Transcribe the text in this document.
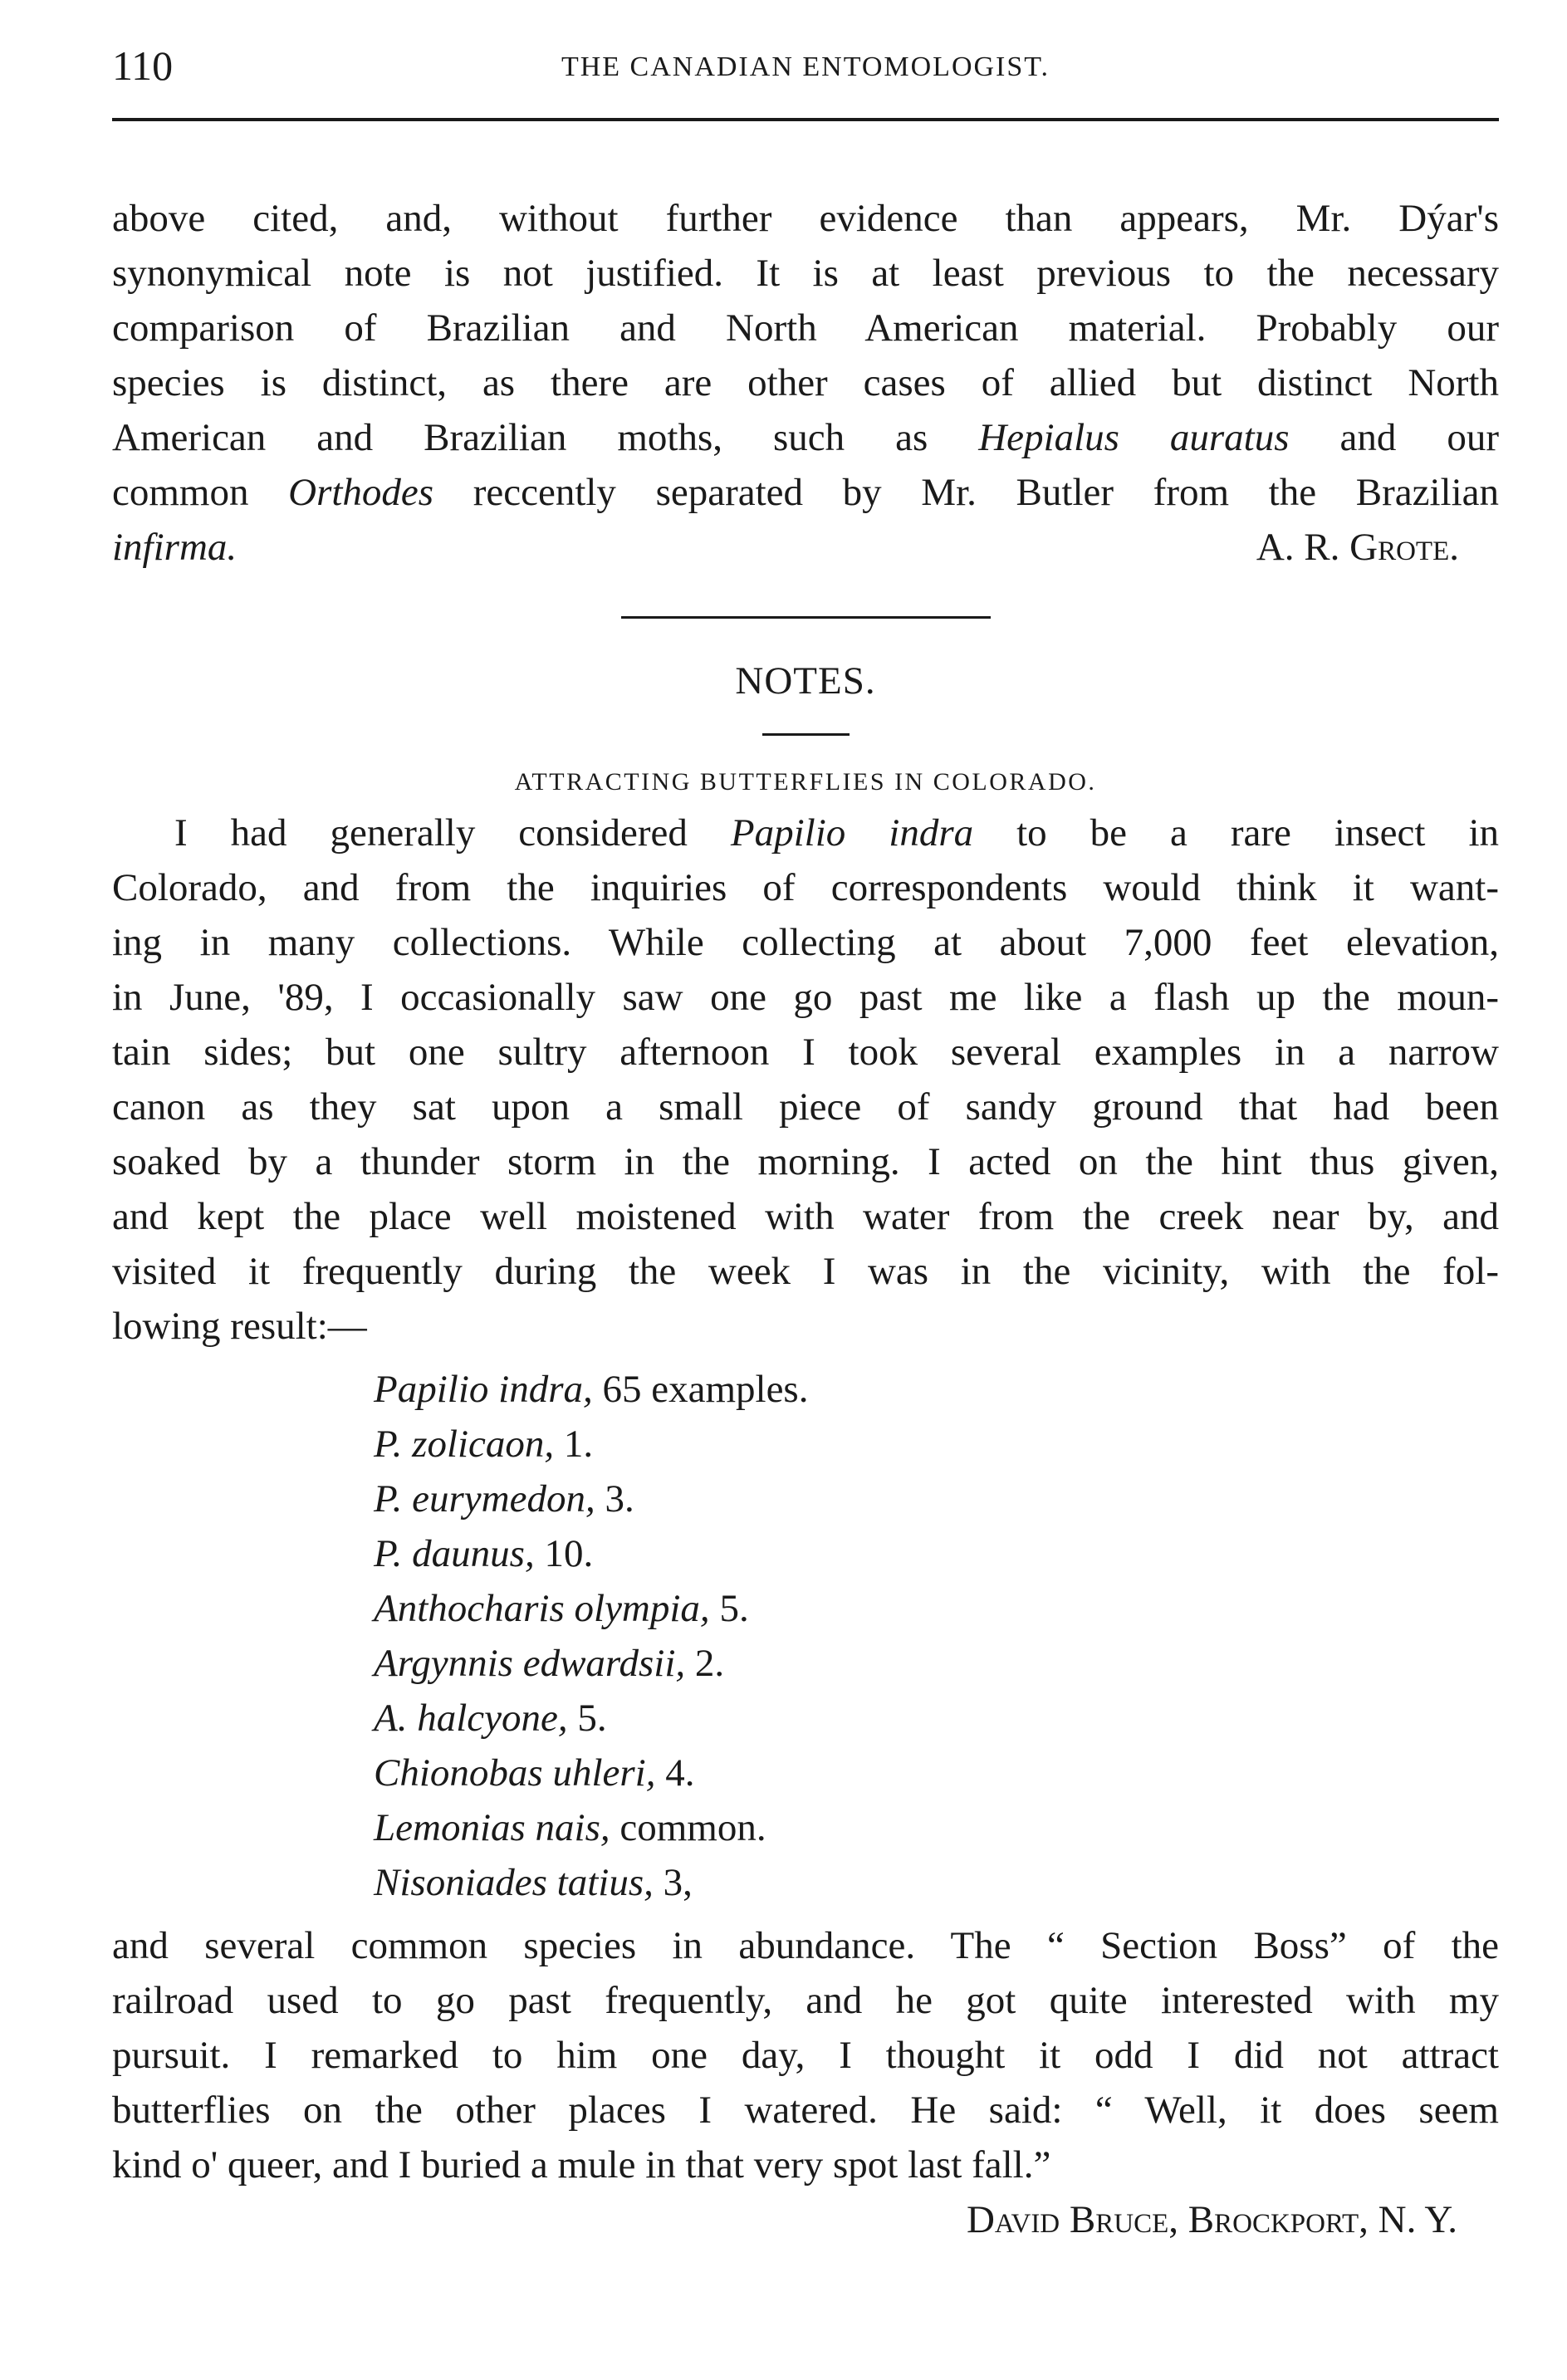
110	THE CANADIAN ENTOMOLOGIST.
above cited, and, without further evidence than appears, Mr. Dýar's
synonymical note is not justified. It is at least previous to the necessary
comparison of Brazilian and North American material. Probably our
species is distinct, as there are other cases of allied but distinct North
American and Brazilian moths, such as Hepialus auratus and our
common Orthodes reccently separated by Mr. Butler from the Brazilian
infirma.	A. R. Grote.
NOTES.
ATTRACTING BUTTERFLIES IN COLORADO.
I had generally considered Papilio indra to be a rare insect in
Colorado, and from the inquiries of correspondents would think it want-
ing in many collections. While collecting at about 7,000 feet elevation,
in June, '89, I occasionally saw one go past me like a flash up the moun-
tain sides; but one sultry afternoon I took several examples in a narrow
canon as they sat upon a small piece of sandy ground that had been
soaked by a thunder storm in the morning. I acted on the hint thus given,
and kept the place well moistened with water from the creek near by, and
visited it frequently during the week I was in the vicinity, with the fol-
lowing result:—
Papilio indra, 65 examples.
P. zolicaon, 1.
P. eurymedon, 3.
P. daunus, 10.
Anthocharis olympia, 5.
Argynnis edwardsii, 2.
A. halcyone, 5.
Chionobas uhleri, 4.
Lemonias nais, common.
Nisoniades tatius, 3,
and several common species in abundance. The “ Section Boss” of the
railroad used to go past frequently, and he got quite interested with my
pursuit. I remarked to him one day, I thought it odd I did not attract
butterflies on the other places I watered. He said: “ Well, it does seem
kind o' queer, and I buried a mule in that very spot last fall.”
David Bruce, Brockport, N. Y.
